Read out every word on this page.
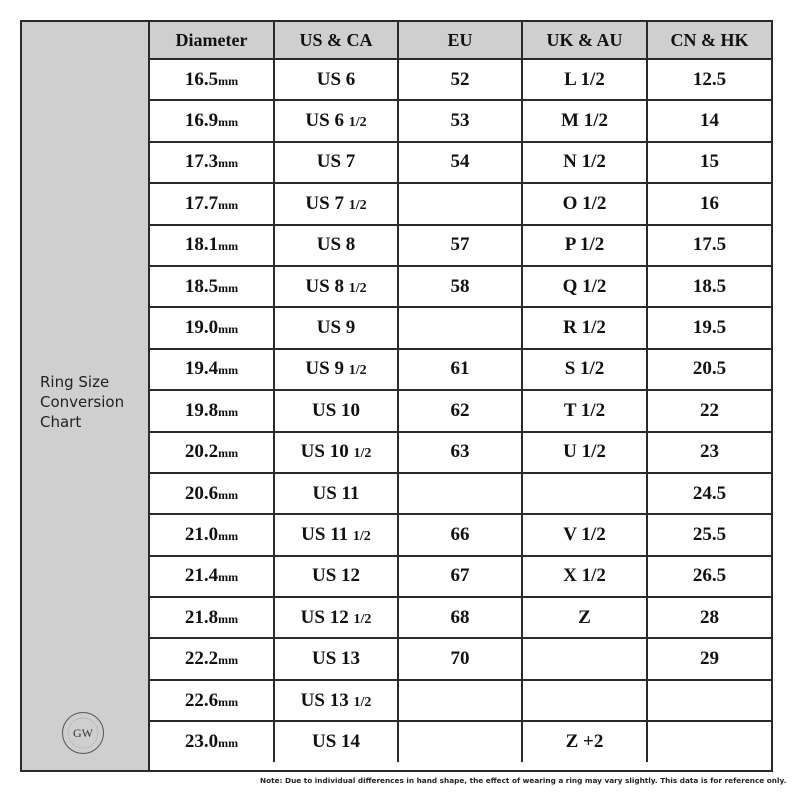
Ring Size
Conversion
Chart
GW
Diameter	US & CA	EU	UK & AU	CN & HK
16.5mm	US 6	52	L 1/2	12.5
16.9mm	US 6 1/2	53	M 1/2	14
17.3mm	US 7	54	N 1/2	15
17.7mm	US 7 1/2		O 1/2	16
18.1mm	US 8	57	P 1/2	17.5
18.5mm	US 8 1/2	58	Q 1/2	18.5
19.0mm	US 9		R 1/2	19.5
19.4mm	US 9 1/2	61	S 1/2	20.5
19.8mm	US 10	62	T 1/2	22
20.2mm	US 10 1/2	63	U 1/2	23
20.6mm	US 11			24.5
21.0mm	US 11 1/2	66	V 1/2	25.5
21.4mm	US 12	67	X 1/2	26.5
21.8mm	US 12 1/2	68	Z	28
22.2mm	US 13	70		29
22.6mm	US 13 1/2			
23.0mm	US 14		Z +2	
Note: Due to individual differences in hand shape, the effect of wearing a ring may vary slightly. This data is for reference only.
